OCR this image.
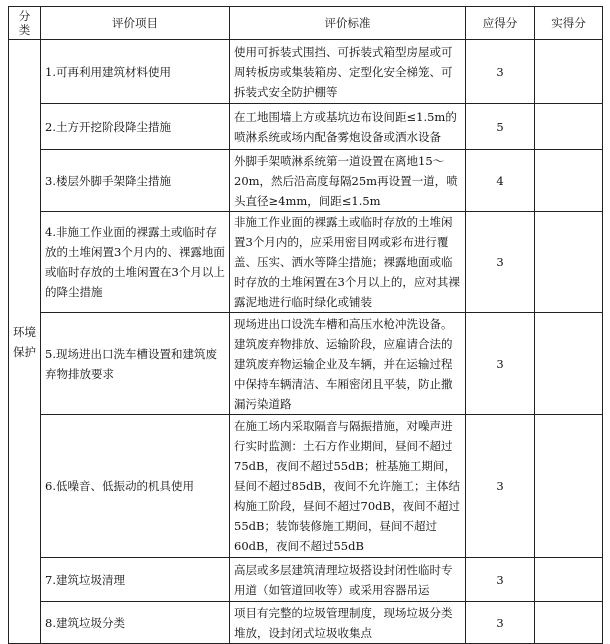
分类	评价项目	评价标准	应得分	实得分

环境保护	1.可再利用建筑材料使用	使用可拆装式围挡、可拆装式箱型房屋或可周转板房或集装箱房、定型化安全梯笼、可拆装式安全防护棚等	3	
	2.土方开挖阶段降尘措施	在工地围墙上方或基坑边布设间距≤1.5m的喷淋系统或场内配备雾炮设备或洒水设备	5	
	3.楼层外脚手架降尘措施	外脚手架喷淋系统第一道设置在离地15～20m，然后沿高度每隔25m再设置一道，喷头直径≥4mm，间距≤1.5m	4	
	4.非施工作业面的裸露土或临时存放的土堆闲置3个月内的、裸露地面或临时存放的土堆闲置在3个月以上的降尘措施	非施工作业面的裸露土或临时存放的土堆闲置3个月内的，应采用密目网或彩布进行覆盖、压实、洒水等降尘措施；裸露地面或临时存放的土堆闲置在3个月以上的，应对其裸露泥地进行临时绿化或铺装	3	
	5.现场进出口洗车槽设置和建筑废弃物排放要求	现场进出口设洗车槽和高压水枪冲洗设备。建筑废弃物排放、运输阶段，应雇请合法的建筑废弃物运输企业及车辆，并在运输过程中保持车辆清洁、车厢密闭且平装，防止撒漏污染道路	3	
	6.低噪音、低振动的机具使用	在施工场内采取隔音与隔振措施，对噪声进行实时监测：土石方作业期间，昼间不超过75dB，夜间不超过55dB；桩基施工期间，昼间不超过85dB，夜间不允许施工；主体结构施工阶段，昼间不超过70dB，夜间不超过55dB；装饰装修施工期间，昼间不超过60dB，夜间不超过55dB	3	
	7.建筑垃圾清理	高层或多层建筑清理垃圾搭设封闭性临时专用道（如管道回收等）或采用容器吊运	3	
	8.建筑垃圾分类	项目有完整的垃圾管理制度，现场垃圾分类堆放，设封闭式垃圾收集点	3	
